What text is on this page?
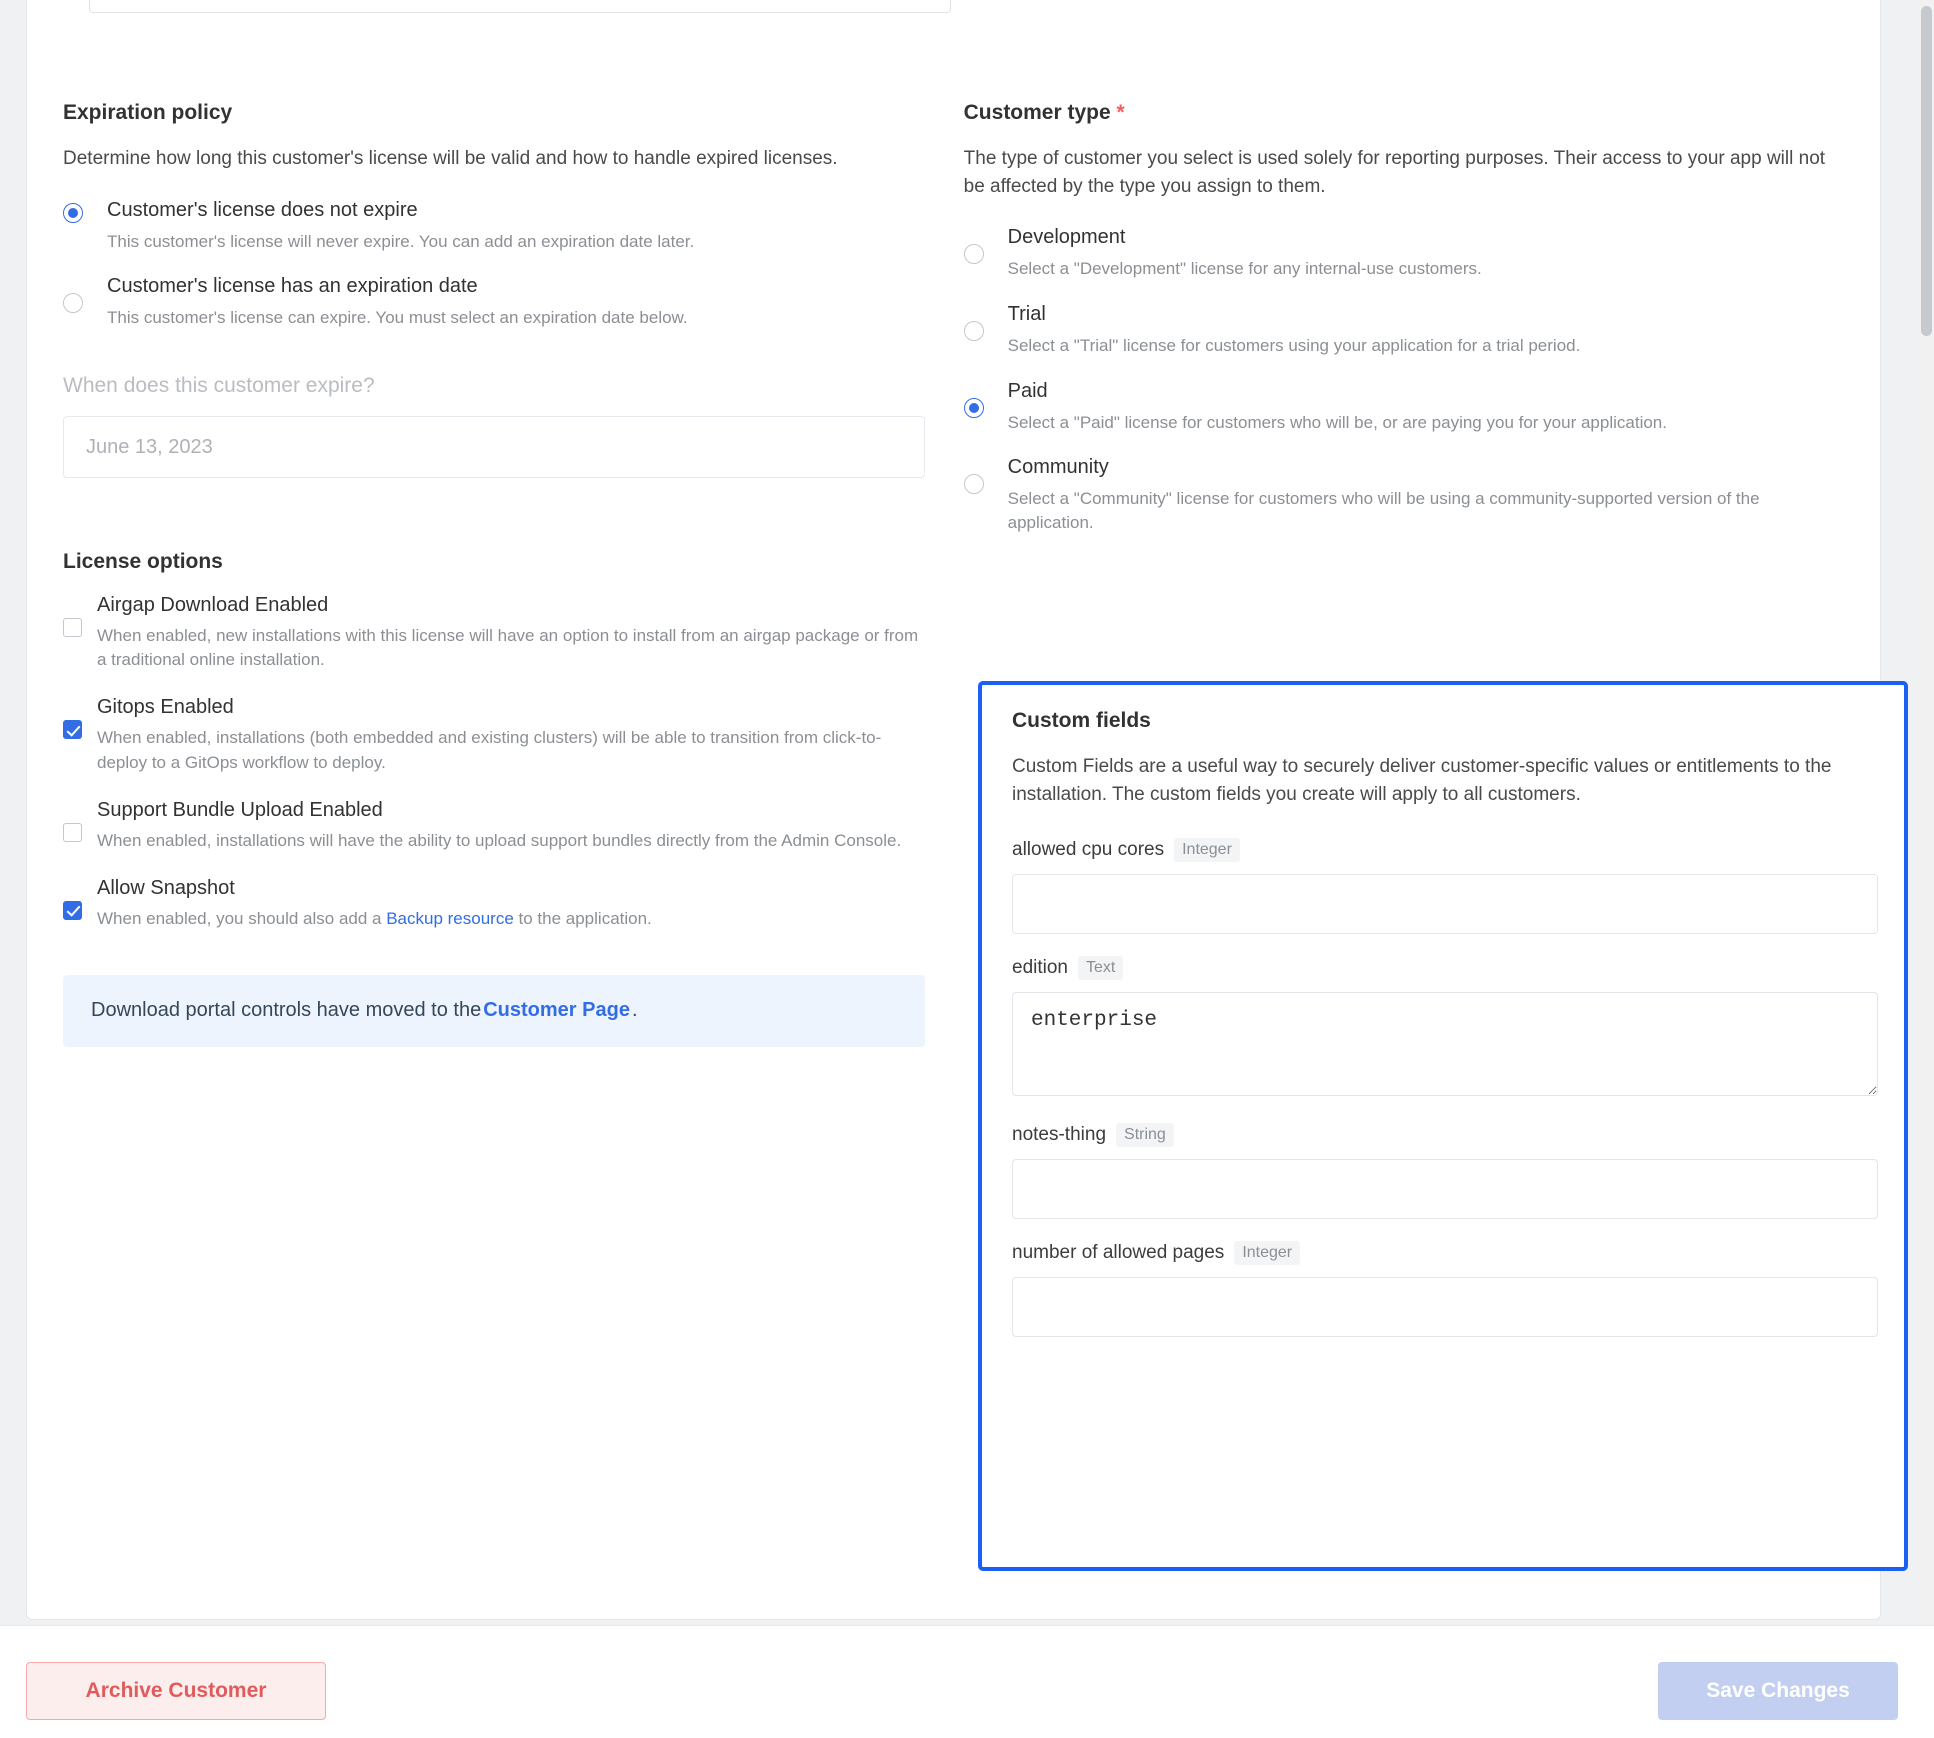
Expiration policy

Determine how long this customer's license will be valid and how to handle expired licenses.

Customer's license does not expire

This customer's license will never expire. You can add an expiration date later.

Customer's license has an expiration date

This customer's license can expire. You must select an expiration date below.

When does this customer expire?

June 13, 2023
License options

Airgap Download Enabled

When enabled, new installations with this license will have an option to install from an airgap package or from a traditional online installation.

Gitops Enabled

When enabled, installations (both embedded and existing clusters) will be able to transition from click-to-deploy to a GitOps workflow to deploy.

Support Bundle Upload Enabled

When enabled, installations will have the ability to upload support bundles directly from the Admin Console.

Allow Snapshot

When enabled, you should also add a Backup resource to the application.

Download portal controls have moved to the Customer Page .
Customer type *

The type of customer you select is used solely for reporting purposes. Their access to your app will not be affected by the type you assign to them.

Development

Select a "Development" license for any internal-use customers.

Trial

Select a "Trial" license for customers using your application for a trial period.

Paid

Select a "Paid" license for customers who will be, or are paying you for your application.

Community

Select a "Community" license for customers who will be using a community-supported version of the application.

Custom fields

Custom Fields are a useful way to securely deliver customer-specific values or entitlements to the installation. The custom fields you create will apply to all customers.

allowed cpu cores	Integer
edition	Text
enterprise
notes-thing	String
number of allowed pages	Integer
Archive Customer	Save Changes
